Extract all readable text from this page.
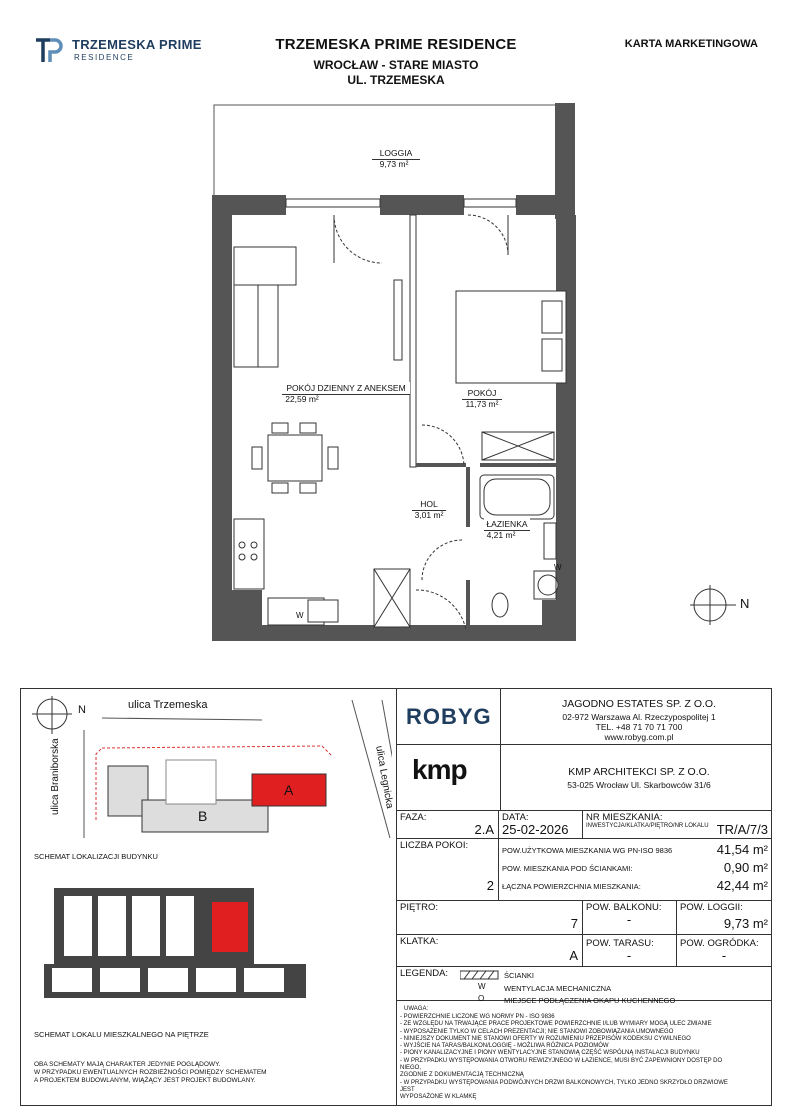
TRZEMESKA PRIME
RESIDENCE
TRZEMESKA PRIME RESIDENCE
WROCŁAW - STARE MIASTO
UL. TRZEMESKA
KARTA MARKETINGOWA
LOGGIA
9,73 m²
POKÓJ DZIENNY Z ANEKSEM
22,59 m²
POKÓJ
11,73 m²
HOL
3,01 m²
ŁAZIENKA
4,21 m²
W
W
N
ulica Trzemeska
ulica Braniborska	ulica Legnicka
N
A
B
SCHEMAT LOKALIZACJI BUDYNKU
SCHEMAT LOKALU MIESZKALNEGO NA PIĘTRZE
OBA SCHEMATY MAJĄ CHARAKTER JEDYNIE POGLĄDOWY.
W PRZYPADKU EWENTUALNYCH ROZBIEŻNOŚCI POMIĘDZY SCHEMATEM
A PROJEKTEM BUDOWLANYM, WIĄŻĄCY JEST PROJEKT BUDOWLANY.
ROBYG	JAGODNO ESTATES SP. Z O.O.
02-972 Warszawa Al. Rzeczypospolitej 1
TEL. +48 71 70 71 700
www.robyg.com.pl
kmp	KMP ARCHITEKCI SP. Z O.O.
53-025 Wrocław Ul. Skarbowców 31/6
FAZA:
2.A
DATA:
25-02-2026
NR MIESZKANIA:
INWESTYCJA/KLATKA/PIĘTRO/NR LOKALU TR/A/7/3
LICZBA POKOI:
2
POW.UŻYTKOWA MIESZKANIA WG PN-ISO 9836	41,54 m²
POW. MIESZKANIA POD ŚCIANKAMI:	0,90 m²
ŁĄCZNA POWIERZCHNIA MIESZKANIA:	42,44 m²
PIĘTRO:
7
POW. BALKONU:
-
POW. LOGGII:
9,73 m²
KLATKA:
A
POW. TARASU:
-
POW. OGRÓDKA:
-
LEGENDA:	ŚCIANKI
W WENTYLACJA MECHANICZNA
O	MIEJSCE PODŁĄCZENIA OKAPU KUCHENNEGO
UWAGA:
- POWIERZCHNIE LICZONE WG NORMY PN - ISO 9836
- ZE WZGLĘDU NA TRWAJĄCE PRACE PROJEKTOWE POWIERZCHNIE I/LUB WYMIARY MOGĄ ULEC ZMIANIE
- WYPOSAŻENIE TYLKO W CELACH PREZENTACJI; NIE STANOWI ZOBOWIĄZANIA UMOWNEGO
- NINIEJSZY DOKUMENT NIE STANOWI OFERTY W ROZUMIENIU PRZEPISÓW KODEKSU CYWILNEGO
- WYJŚCIE NA TARAS/BALKON/LOGGIĘ - MOŻLIWA RÓŻNICA POZIOMÓW
- PIONY KANALIZACYJNE I PIONY WENTYLACYJNE STANOWIĄ CZĘŚĆ WSPÓLNĄ INSTALACJI BUDYNKU
- W PRZYPADKU WYSTĘPOWANIA OTWORU REWIZYJNEGO W ŁAZIENCE, MUSI BYĆ ZAPEWNIONY DOSTĘP DO NIEGO,
ZGODNIE Z DOKUMENTACJĄ TECHNICZNĄ
- W PRZYPADKU WYSTĘPOWANIA PODWÓJNYCH DRZWI BALKONOWYCH, TYLKO JEDNO SKRZYDŁO DRZWIOWE JEST
WYPOSAŻONE W KLAMKĘ
